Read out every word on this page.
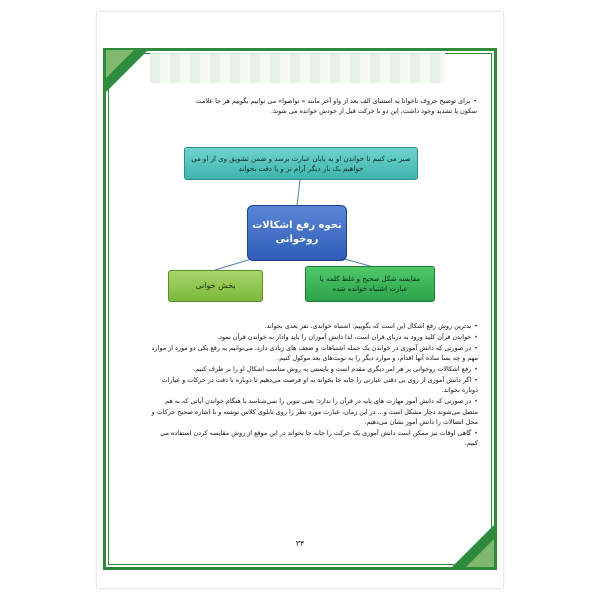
•برای توضیح حروف ناخوانا به استثنای الف بعد از واو آخر مانند « تواصوا» می توانیم بگوییم هر جا علامت
سکون یا تشدید وجود داشت، این دو با حرکت قبل از خودش خوانده می شوند.
صبر می کنیم تا خواندن او به پایان عبارت برسد و ضمن تشویق وی از او می خواهیم یک بار دیگر آرام تر و با دقت بخواند
نحوه رفع اشکالات روخوانی
بخش خوانی
مقایسه شکل صحیح و غلط کلمه یا عبارت اشتباه خوانده شده

•بدترین روش رفع اشکال این است که بگوییم: اشتباه خواندی، نفر بعدی بخواند.

•خواندن قرآن کلید ورود به دریای قران است، لذا دانش آموزان را باید وادار به خواندن قرآن نمود.

•در صورتی که دانش آموزی در خواندن یک جمله اشتباهات و ضعف های زیادی دارد، می‌توانیم به رفع یکی دو مورد از موارد مهم و چه بسا ساده آنها اقدام، و موارد دیگر را به نوبت‌های بعد موکول کنیم.

•رفع اشکالات روخوانی بر هر امر دیگری مقدم است و بایستی به روش مناسب اشکال او را بر طرف کنیم.

•اگر دانش آموزی از روی بی دقتی عبارتی را جابه جا بخواند به او فرصت می‌دهیم تا دوباره با دقت در حرکات و عبارات دوباره بخواند.

•در صورتی که دانش آموز مهارت های پایه در قرآن را ندارد؛ یعنی تنوین را نمی‌شناسد یا هنگام خواندن آیاتی که به هم متصل می‌شوند دچار مشکل است و... در این زمان، عبارت مورد نظر را روی تابلوی کلاس نوشته و با اشاره صحیح حرکات و محل اتصالات را دانش آموز نشان می‌دهیم.

•گاهی اوقات نیز ممکن است دانش آموزی یک حرکت را جابه جا بخواند در این موقع از روش مقایسه کردن استفاده می کنیم.

۳۴
